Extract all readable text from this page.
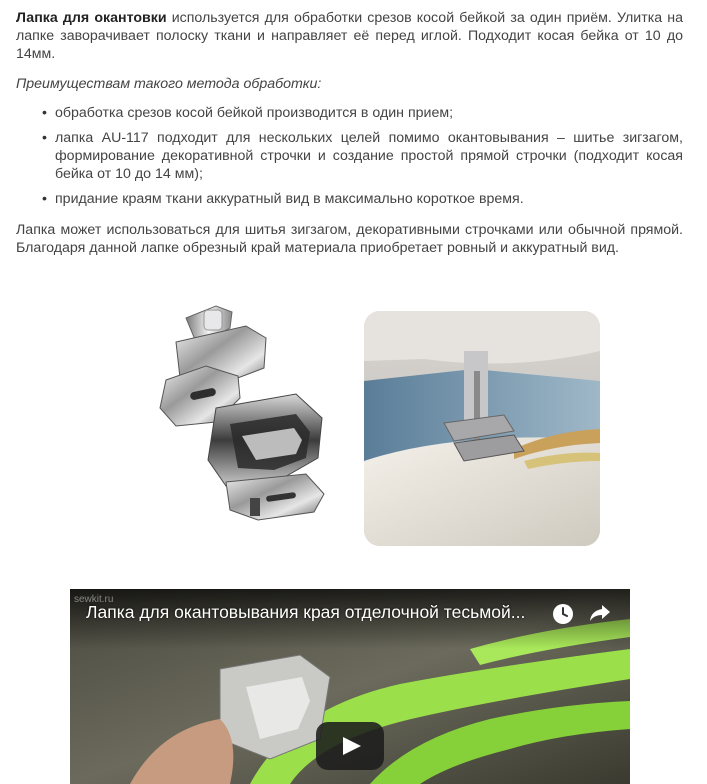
Лапка для окантовки используется для обработки срезов косой бейкой за один приём. Улитка на лапке заворачивает полоску ткани и направляет её перед иглой. Подходит косая бейка от 10 до 14мм.

Преимуществам такого метода обработки:

• обработка срезов косой бейкой производится в один прием;
• лапка AU-117 подходит для нескольких целей помимо окантовывания – шитье зигзагом, формирование декоративной строчки и создание простой прямой строчки (подходит косая бейка от 10 до 14 мм);
• придание краям ткани аккуратный вид в максимально короткое время.

Лапка может использоваться для шитья зигзагом, декоративными строчками или обычной прямой. Благодаря данной лапке обрезный край материала приобретает ровный и аккуратный вид.

sewkit.ru
Лапка для окантовывания края отделочной тесьмой...
